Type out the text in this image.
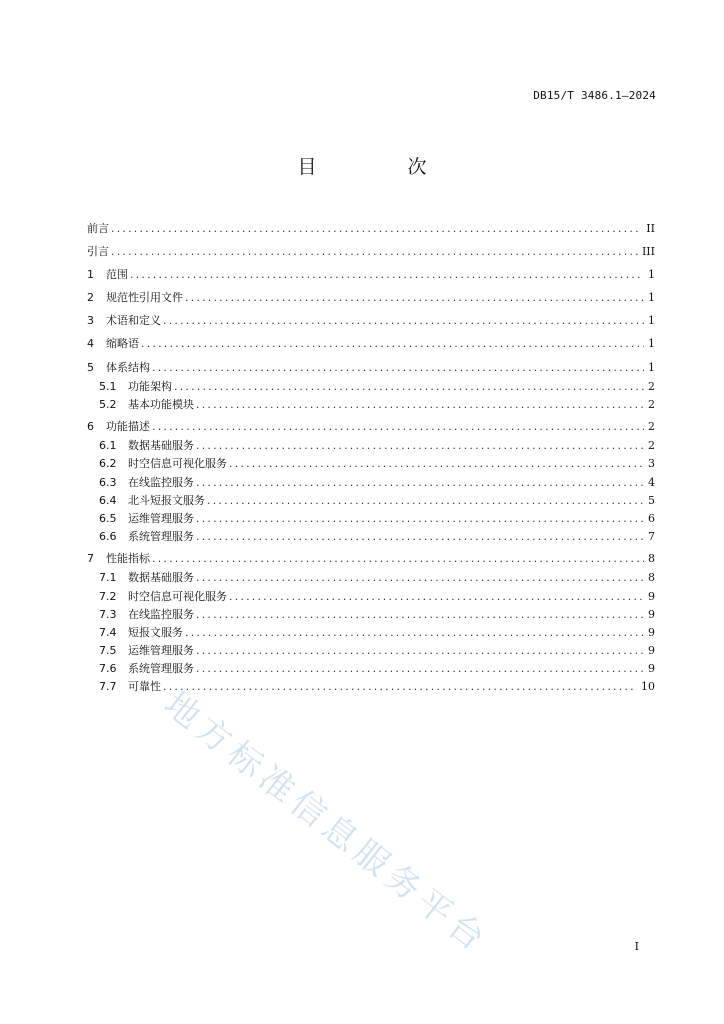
DB15/T 3486.1—2024
目　次
前言 .....	II
引言 .....	III
1	范围 .....	1
2	规范性引用文件 .....	1
3	术语和定义 .....	1
4	缩略语 .....	1
5	体系结构 .....	1
5.1	功能架构 .....	2
5.2	基本功能模块 .....	2
6	功能描述 .....	2
6.1	数据基础服务 .....	2
6.2	时空信息可视化服务 .....	3
6.3	在线监控服务 .....	4
6.4	北斗短报文服务 .....	5
6.5	运维管理服务 .....	6
6.6	系统管理服务 .....	7
7	性能指标 .....	8
7.1	数据基础服务 .....	8
7.2	时空信息可视化服务 .....	9
7.3	在线监控服务 .....	9
7.4	短报文服务 .....	9
7.5	运维管理服务 .....	9
7.6	系统管理服务 .....	9
7.7	可靠性 .....	10
地方标准信息服务平台	I
